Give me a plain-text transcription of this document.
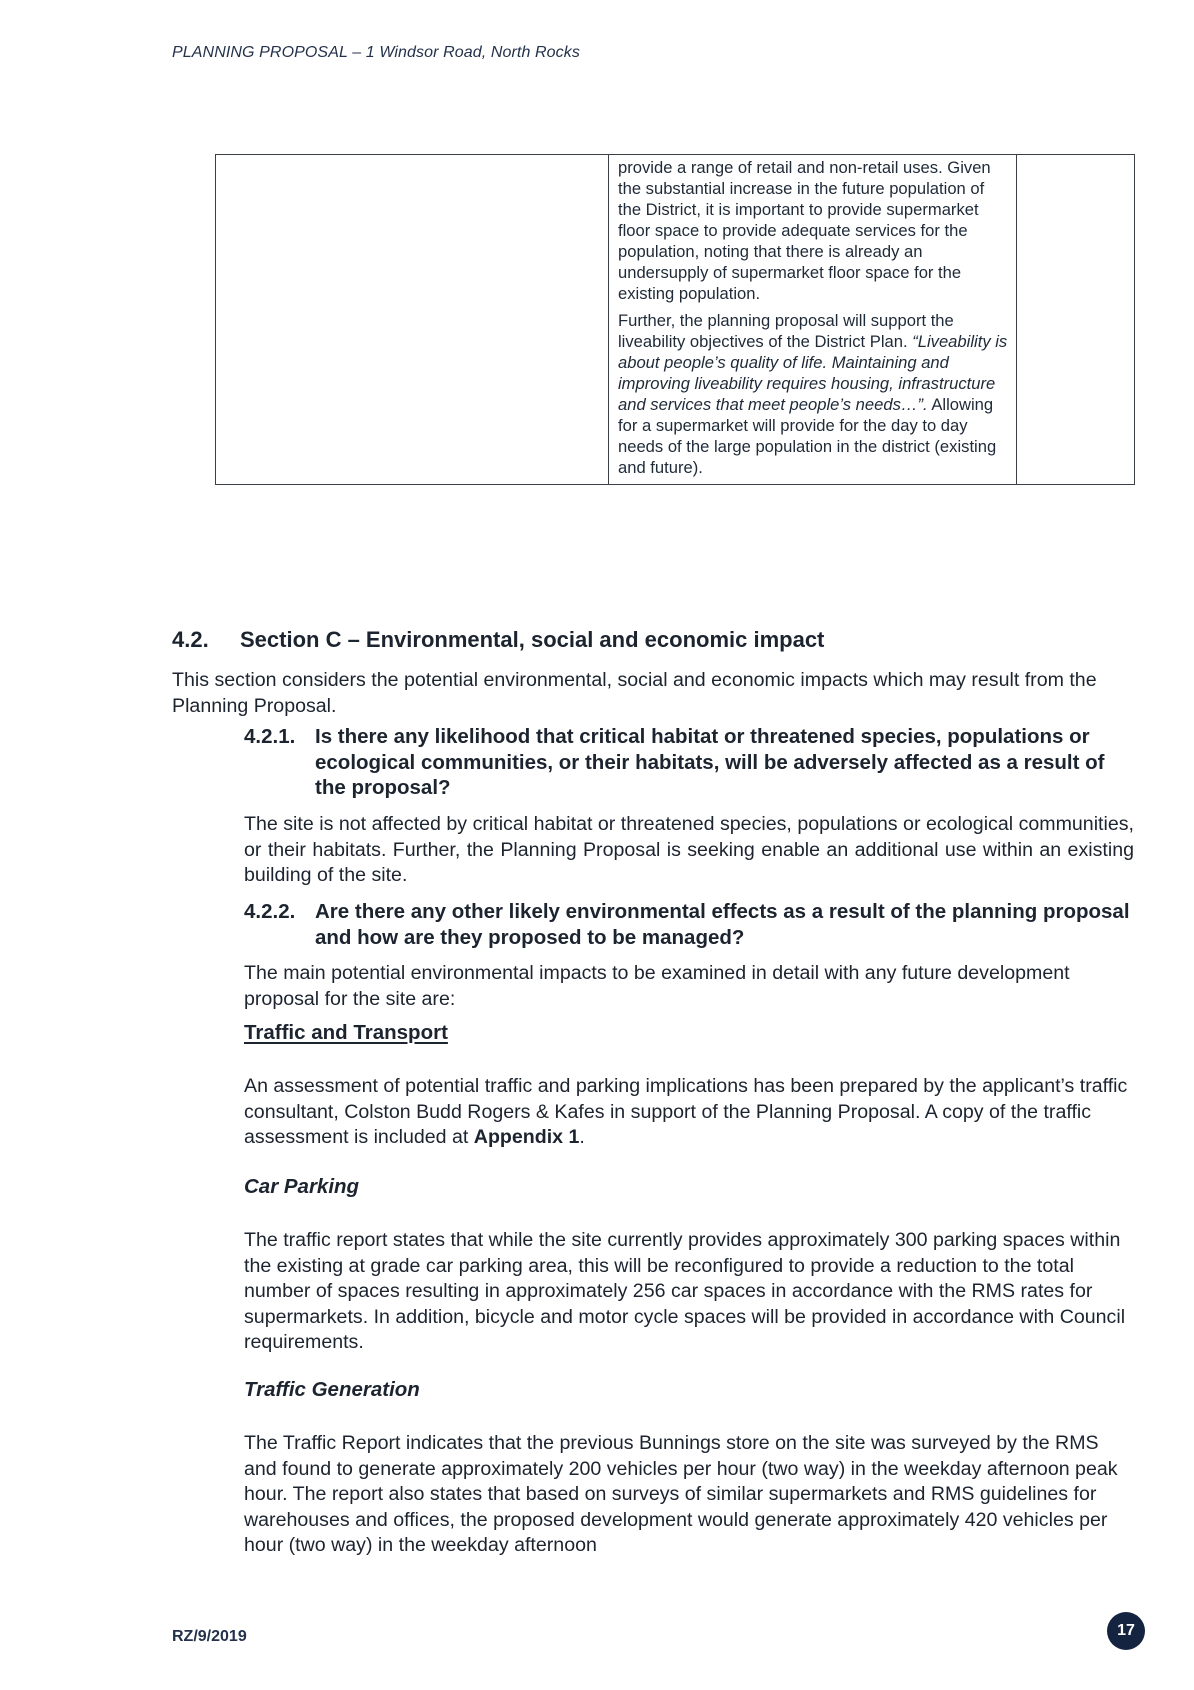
PLANNING PROPOSAL – 1 Windsor Road, North Rocks

provide a range of retail and non-retail uses. Given the substantial increase in the future population of the District, it is important to provide supermarket floor space to provide adequate services for the population, noting that there is already an undersupply of supermarket floor space for the existing population.

Further, the planning proposal will support the liveability objectives of the District Plan. “Liveability is about people’s quality of life. Maintaining and improving liveability requires housing, infrastructure and services that meet people’s needs…”. Allowing for a supermarket will provide for the day to day needs of the large population in the district (existing and future).

4.2. Section C – Environmental, social and economic impact

This section considers the potential environmental, social and economic impacts which may result from the Planning Proposal.

4.2.1. Is there any likelihood that critical habitat or threatened species, populations or ecological communities, or their habitats, will be adversely affected as a result of the proposal?

The site is not affected by critical habitat or threatened species, populations or ecological communities, or their habitats. Further, the Planning Proposal is seeking enable an additional use within an existing building of the site.

4.2.2. Are there any other likely environmental effects as a result of the planning proposal and how are they proposed to be managed?

The main potential environmental impacts to be examined in detail with any future development proposal for the site are:

Traffic and Transport

An assessment of potential traffic and parking implications has been prepared by the applicant’s traffic consultant, Colston Budd Rogers & Kafes in support of the Planning Proposal. A copy of the traffic assessment is included at Appendix 1.

Car Parking

The traffic report states that while the site currently provides approximately 300 parking spaces within the existing at grade car parking area, this will be reconfigured to provide a reduction to the total number of spaces resulting in approximately 256 car spaces in accordance with the RMS rates for supermarkets. In addition, bicycle and motor cycle spaces will be provided in accordance with Council requirements.

Traffic Generation

The Traffic Report indicates that the previous Bunnings store on the site was surveyed by the RMS and found to generate approximately 200 vehicles per hour (two way) in the weekday afternoon peak hour. The report also states that based on surveys of similar supermarkets and RMS guidelines for warehouses and offices, the proposed development would generate approximately 420 vehicles per hour (two way) in the weekday afternoon

RZ/9/2019	17
